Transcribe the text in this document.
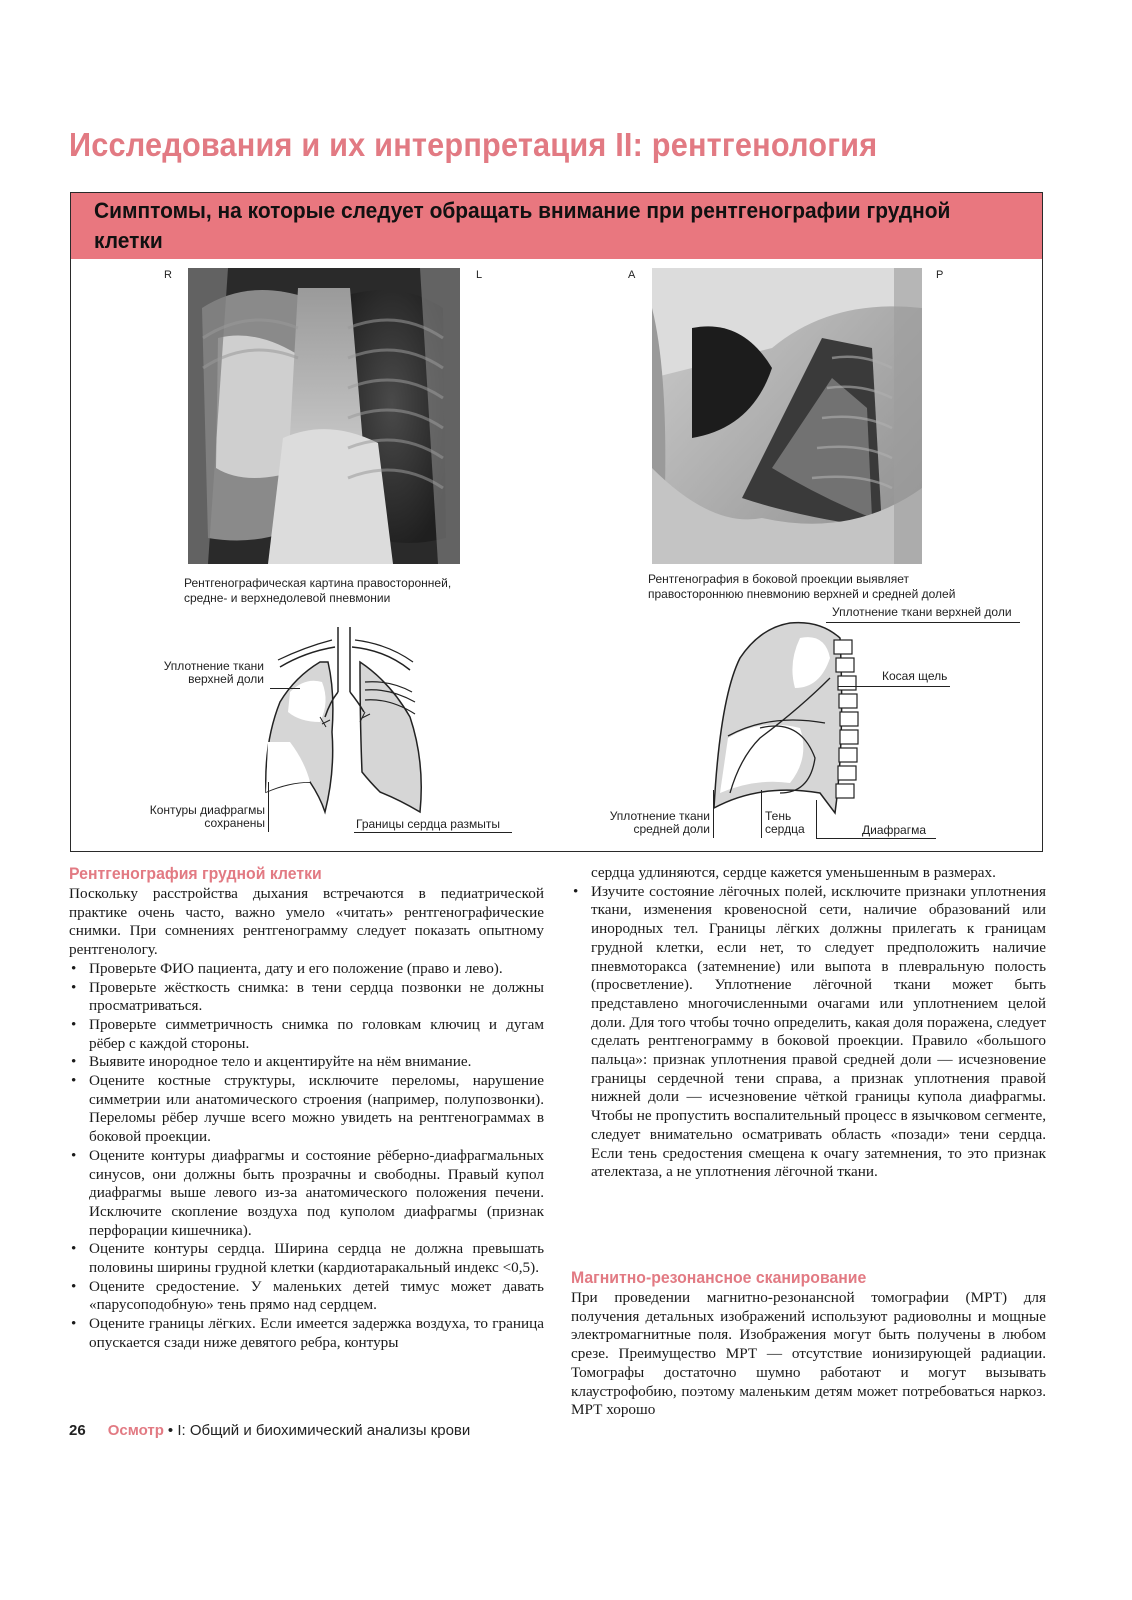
Исследования и их интерпретация II: рентгенология
Симптомы, на которые следует обращать внимание при рентгенографии грудной клетки
R	L
Рентгенографическая картина правосторонней, средне- и верхнедолевой пневмонии
A	P
Рентгенография в боковой проекции выявляет правостороннюю пневмонию верхней и средней долей
Уплотнение ткани
верхней доли
Контуры диафрагмы
сохранены	Границы сердца размыты
Уплотнение ткани верхней доли
Косая щель
Уплотнение ткани
средней доли
Тень
сердца	Диафрагма
Рентгенография грудной клетки

Поскольку расстройства дыхания встречаются в педиатрической практике очень часто, важно умело «читать» рентгенографические снимки. При сомнениях рентгенограмму следует показать опытному рентгенологу.

• Проверьте ФИО пациента, дату и его положение (право и лево).
• Проверьте жёсткость снимка: в тени сердца позвонки не должны просматриваться.
• Проверьте симметричность снимка по головкам ключиц и дугам рёбер с каждой стороны.
• Выявите инородное тело и акцентируйте на нём внимание.
• Оцените костные структуры, исключите переломы, нарушение симметрии или анатомического строения (например, полупозвонки). Переломы рёбер лучше всего можно увидеть на рентгенограммах в боковой проекции.
• Оцените контуры диафрагмы и состояние рёберно-диафрагмальных синусов, они должны быть прозрачны и свободны. Правый купол диафрагмы выше левого из-за анатомического положения печени. Исключите скопление воздуха под куполом диафрагмы (признак перфорации кишечника).
• Оцените контуры сердца. Ширина сердца не должна превышать половины ширины грудной клетки (кардиотаракальный индекс <0,5).
• Оцените средостение. У маленьких детей тимус может давать «парусоподобную» тень прямо над сердцем.
• Оцените границы лёгких. Если имеется задержка воздуха, то граница опускается сзади ниже девятого ребра, контуры

сердца удлиняются, сердце кажется уменьшенным в размерах.

• Изучите состояние лёгочных полей, исключите признаки уплотнения ткани, изменения кровеносной сети, наличие образований или инородных тел. Границы лёгких должны прилегать к границам грудной клетки, если нет, то следует предположить наличие пневмоторакса (затемнение) или выпота в плевральную полость (просветление). Уплотнение лёгочной ткани может быть представлено многочисленными очагами или уплотнением целой доли. Для того чтобы точно определить, какая доля поражена, следует сделать рентгенограмму в боковой проекции. Правило «большого пальца»: признак уплотнения правой средней доли — исчезновение границы сердечной тени справа, а признак уплотнения правой нижней доли — исчезновение чёткой границы купола диафрагмы. Чтобы не пропустить воспалительный процесс в язычковом сегменте, следует внимательно осматривать область «позади» тени сердца. Если тень средостения смещена к очагу затемнения, то это признак ателектаза, а не уплотнения лёгочной ткани.
Магнитно-резонансное сканирование

При проведении магнитно-резонансной томографии (МРТ) для получения детальных изображений используют радиоволны и мощные электромагнитные поля. Изображения могут быть получены в любом срезе. Преимущество МРТ — отсутствие ионизирующей радиации. Томографы достаточно шумно работают и могут вызывать клаустрофобию, поэтому маленьким детям может потребоваться наркоз. МРТ хорошо

26 Осмотр • I: Общий и биохимический анализы крови
